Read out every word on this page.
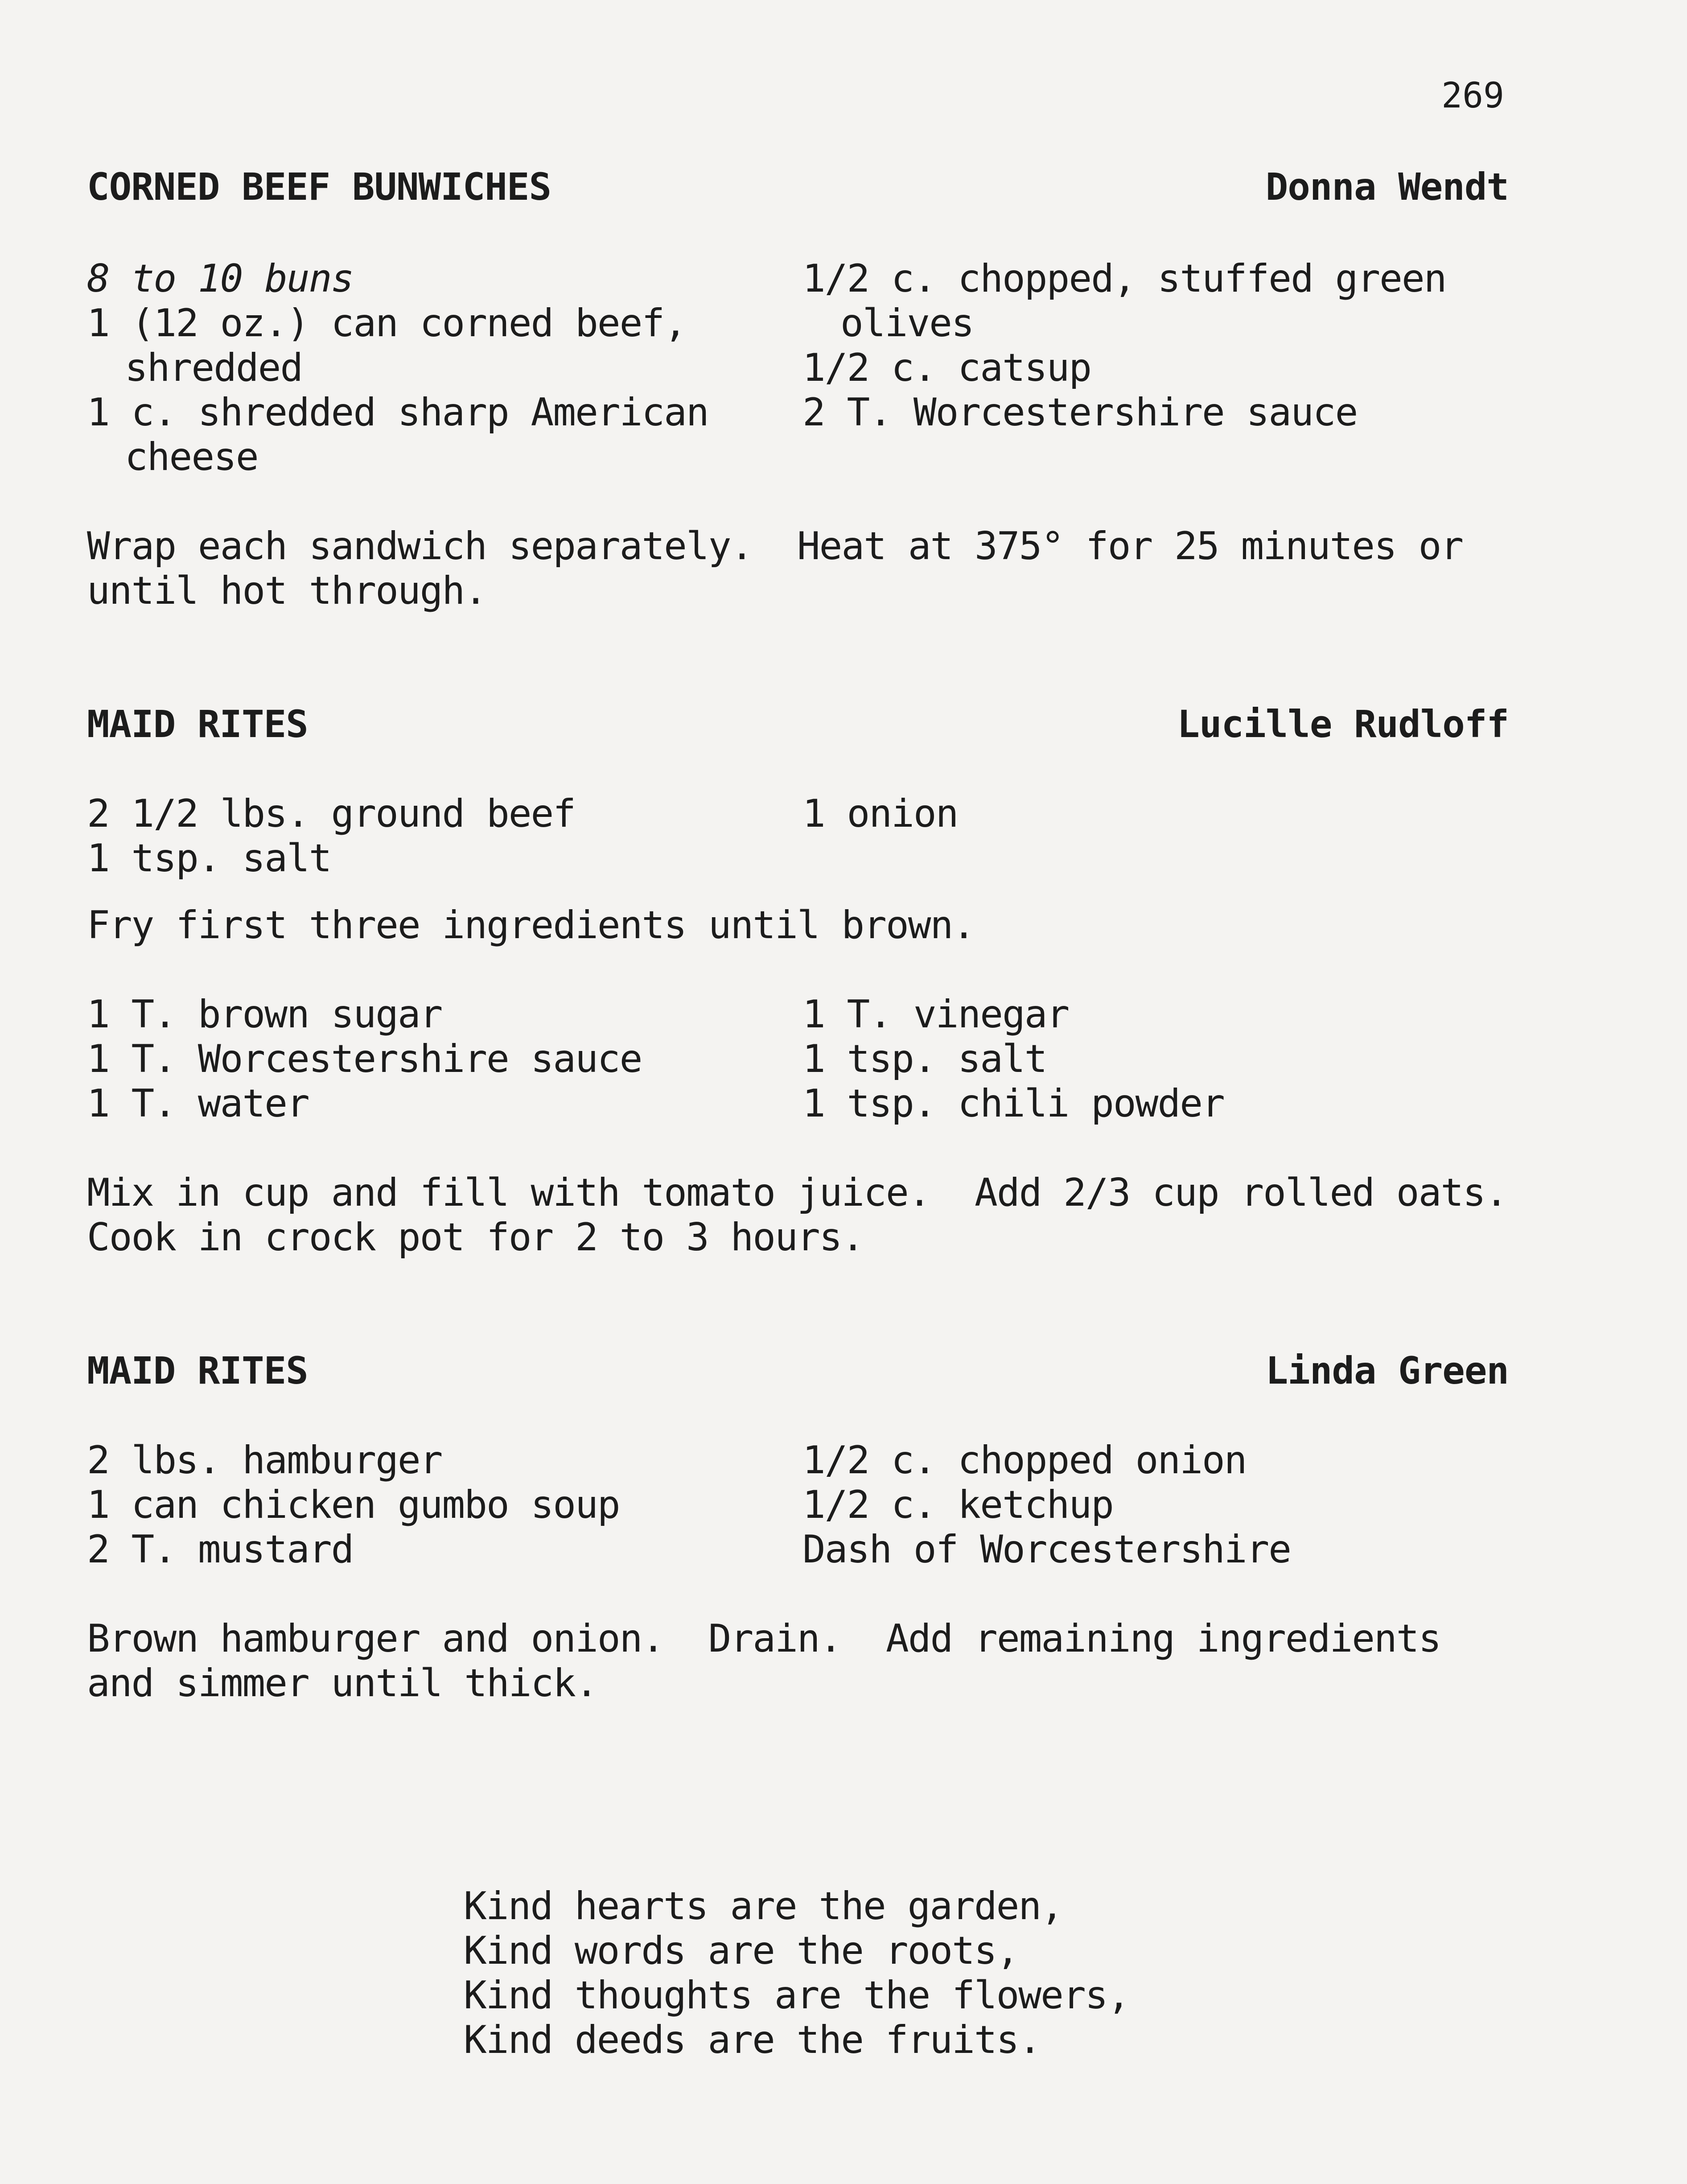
269
CORNED BEEF BUNWICHES	Donna Wendt
8 to 10 buns
1 (12 oz.) can corned beef,
shredded
1 c. shredded sharp American
cheese
1/2 c. chopped, stuffed green
olives
1/2 c. catsup
2 T. Worcestershire sauce
Wrap each sandwich separately.  Heat at 375° for 25 minutes or
until hot through.
MAID RITES	Lucille Rudloff
2 1/2 lbs. ground beef
1 tsp. salt
1 onion
Fry first three ingredients until brown.
1 T. brown sugar
1 T. Worcestershire sauce
1 T. water
1 T. vinegar
1 tsp. salt
1 tsp. chili powder
Mix in cup and fill with tomato juice.  Add 2/3 cup rolled oats.
Cook in crock pot for 2 to 3 hours.
MAID RITES	Linda Green
2 lbs. hamburger
1 can chicken gumbo soup
2 T. mustard
1/2 c. chopped onion
1/2 c. ketchup
Dash of Worcestershire
Brown hamburger and onion.  Drain.  Add remaining ingredients
and simmer until thick.
Kind hearts are the garden,
Kind words are the roots,
Kind thoughts are the flowers,
Kind deeds are the fruits.
